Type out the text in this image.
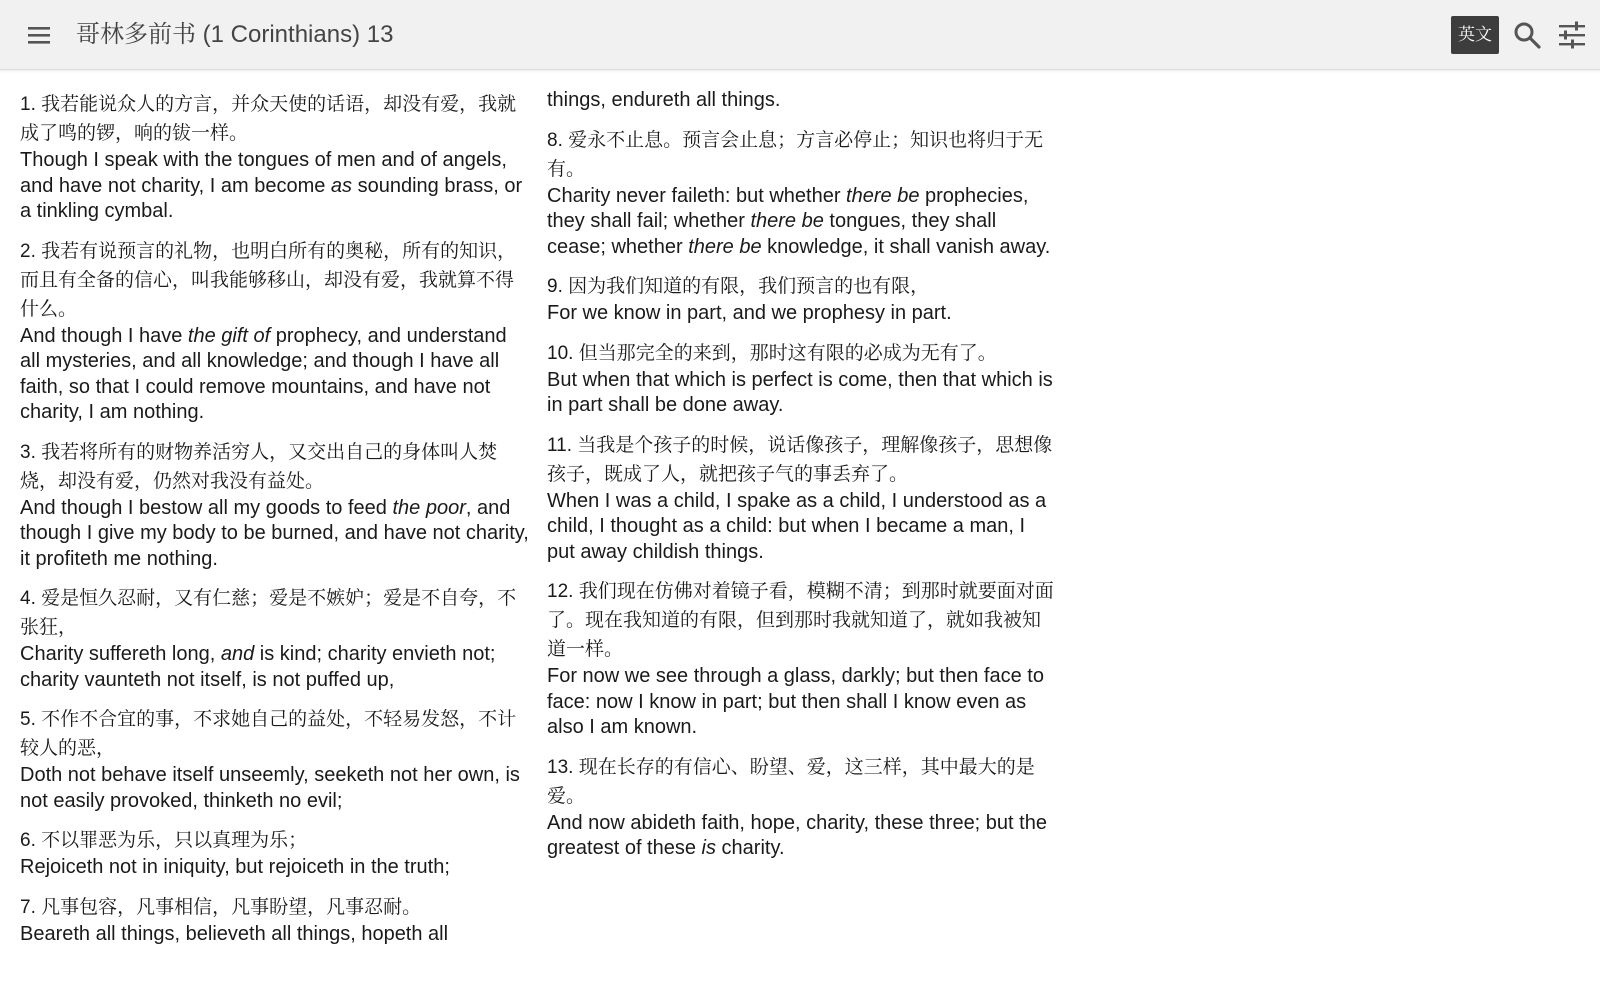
哥林多前书 (1 Corinthians) 13	英文

1. 我若能说众人的方言，并众天使的话语，却没有爱，我就成了鸣的锣，响的钹一样。

Though I speak with the tongues of men and of angels, and have not charity, I am become as sounding brass, or a tinkling cymbal.

2. 我若有说预言的礼物，也明白所有的奥秘，所有的知识，而且有全备的信心，叫我能够移山，却没有爱，我就算不得什么。

And though I have the gift of prophecy, and understand all mysteries, and all knowledge; and though I have all faith, so that I could remove mountains, and have not charity, I am nothing.

3. 我若将所有的财物养活穷人，又交出自己的身体叫人焚烧，却没有爱，仍然对我没有益处。

And though I bestow all my goods to feed the poor, and though I give my body to be burned, and have not charity, it profiteth me nothing.

4. 爱是恒久忍耐，又有仁慈；爱是不嫉妒；爱是不自夸，不张狂，

Charity suffereth long, and is kind; charity envieth not; charity vaunteth not itself, is not puffed up,

5. 不作不合宜的事，不求她自己的益处，不轻易发怒，不计较人的恶，

Doth not behave itself unseemly, seeketh not her own, is not easily provoked, thinketh no evil;

6. 不以罪恶为乐，只以真理为乐；

Rejoiceth not in iniquity, but rejoiceth in the truth;

7. 凡事包容，凡事相信，凡事盼望，凡事忍耐。

Beareth all things, believeth all things, hopeth all

things, endureth all things.

8. 爱永不止息。预言会止息；方言必停止；知识也将归于无有。

Charity never faileth: but whether there be prophecies, they shall fail; whether there be tongues, they shall cease; whether there be knowledge, it shall vanish away.

9. 因为我们知道的有限，我们预言的也有限，

For we know in part, and we prophesy in part.

10. 但当那完全的来到，那时这有限的必成为无有了。

But when that which is perfect is come, then that which is in part shall be done away.

11. 当我是个孩子的时候，说话像孩子，理解像孩子，思想像孩子，既成了人，就把孩子气的事丢弃了。

When I was a child, I spake as a child, I understood as a child, I thought as a child: but when I became a man, I put away childish things.

12. 我们现在仿佛对着镜子看，模糊不清；到那时就要面对面了。现在我知道的有限，但到那时我就知道了，就如我被知道一样。

For now we see through a glass, darkly; but then face to face: now I know in part; but then shall I know even as also I am known.

13. 现在长存的有信心、盼望、爱，这三样，其中最大的是爱。

And now abideth faith, hope, charity, these three; but the greatest of these is charity.
